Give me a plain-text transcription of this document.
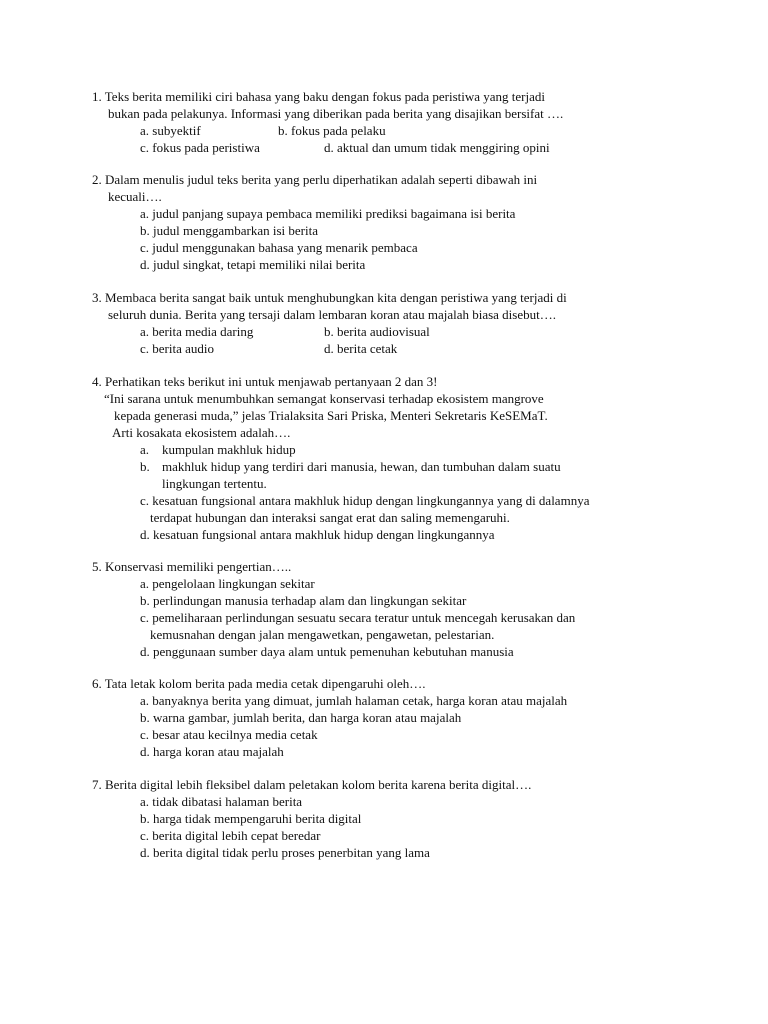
1. Teks berita memiliki ciri bahasa yang baku dengan fokus pada peristiwa yang terjadi
bukan pada pelakunya. Informasi yang diberikan pada berita yang disajikan bersifat ….
a. subyektif	b. fokus pada pelaku
c. fokus pada peristiwa	d. aktual dan umum tidak menggiring opini
2. Dalam menulis judul teks berita yang perlu diperhatikan adalah seperti dibawah ini
kecuali….
a. judul panjang supaya pembaca memiliki prediksi bagaimana isi berita
b. judul menggambarkan isi berita
c. judul menggunakan bahasa yang menarik pembaca
d. judul singkat, tetapi memiliki nilai berita
3. Membaca berita sangat baik untuk menghubungkan kita dengan peristiwa yang terjadi di
seluruh dunia. Berita yang tersaji dalam lembaran koran atau majalah biasa disebut….
a. berita media daring	b. berita audiovisual
c. berita audio	d. berita cetak
4. Perhatikan teks berikut ini untuk menjawab pertanyaan 2 dan 3!
“Ini sarana untuk menumbuhkan semangat konservasi terhadap ekosistem mangrove
kepada generasi muda,” jelas Trialaksita Sari Priska, Menteri Sekretaris KeSEMaT.
Arti kosakata ekosistem adalah….
a. kumpulan makhluk hidup
b. makhluk hidup yang terdiri dari manusia, hewan, dan tumbuhan dalam suatu
lingkungan tertentu.
c. kesatuan fungsional antara makhluk hidup dengan lingkungannya yang di dalamnya
terdapat hubungan dan interaksi sangat erat dan saling memengaruhi.
d. kesatuan fungsional antara makhluk hidup dengan lingkungannya
5. Konservasi memiliki pengertian…..
a. pengelolaan lingkungan sekitar
b. perlindungan manusia terhadap alam dan lingkungan sekitar
c. pemeliharaan perlindungan sesuatu secara teratur untuk mencegah kerusakan dan
kemusnahan dengan jalan mengawetkan, pengawetan, pelestarian.
d. penggunaan sumber daya alam untuk pemenuhan kebutuhan manusia
6. Tata letak kolom berita pada media cetak dipengaruhi oleh….
a. banyaknya berita yang dimuat, jumlah halaman cetak, harga koran atau majalah
b. warna gambar, jumlah berita, dan harga koran atau majalah
c. besar atau kecilnya media cetak
d. harga koran atau majalah
7. Berita digital lebih fleksibel dalam peletakan kolom berita karena berita digital….
a. tidak dibatasi halaman berita
b. harga tidak mempengaruhi berita digital
c. berita digital lebih cepat beredar
d. berita digital tidak perlu proses penerbitan yang lama
